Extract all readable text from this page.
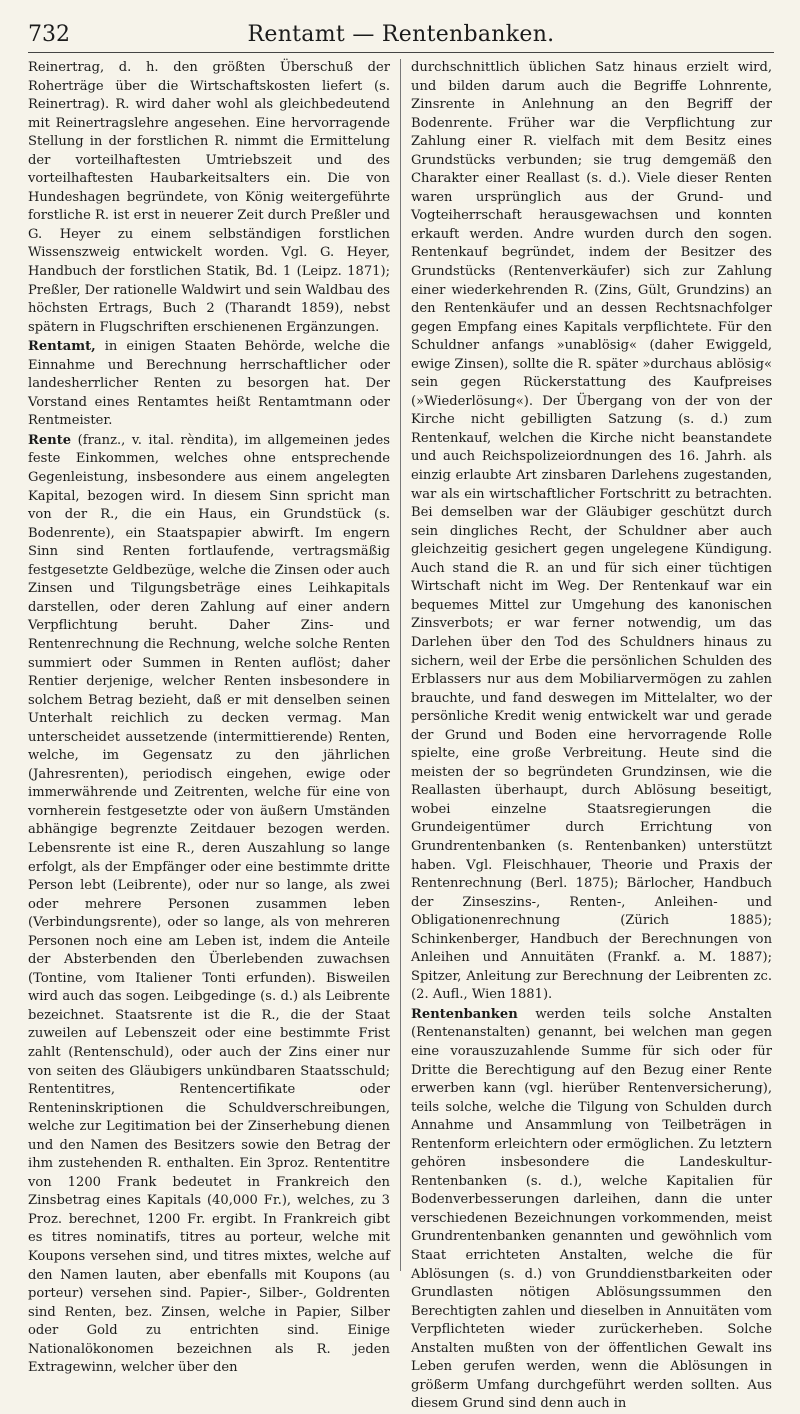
732	Rentamt — Rentenbanken.

Reinertrag, d. h. den größten Überschuß der Roherträge über die Wirtschaftskosten liefert (s. Reinertrag). R. wird daher wohl als gleichbedeutend mit Reinertragslehre angesehen. Eine hervorragende Stellung in der forstlichen R. nimmt die Ermittelung der vorteilhaftesten Umtriebszeit und des vorteilhaftesten Haubarkeitsalters ein. Die von Hundeshagen begründete, von König weitergeführte forstliche R. ist erst in neuerer Zeit durch Preßler und G. Heyer zu einem selbständigen forstlichen Wissenszweig entwickelt worden. Vgl. G. Heyer, Handbuch der forstlichen Statik, Bd. 1 (Leipz. 1871); Preßler, Der rationelle Waldwirt und sein Waldbau des höchsten Ertrags, Buch 2 (Tharandt 1859), nebst spätern in Flugschriften erschienenen Ergänzungen.

Rentamt, in einigen Staaten Behörde, welche die Einnahme und Berechnung herrschaftlicher oder landesherrlicher Renten zu besorgen hat. Der Vorstand eines Rentamtes heißt Rentamtmann oder Rentmeister.

Rente (franz., v. ital. rèndita), im allgemeinen jedes feste Einkommen, welches ohne entsprechende Gegenleistung, insbesondere aus einem angelegten Kapital, bezogen wird. In diesem Sinn spricht man von der R., die ein Haus, ein Grundstück (s. Bodenrente), ein Staatspapier abwirft. Im engern Sinn sind Renten fortlaufende, vertragsmäßig festgesetzte Geldbezüge, welche die Zinsen oder auch Zinsen und Tilgungsbeträge eines Leihkapitals darstellen, oder deren Zahlung auf einer andern Verpflichtung beruht. Daher Zins- und Rentenrechnung die Rechnung, welche solche Renten summiert oder Summen in Renten auflöst; daher Rentier derjenige, welcher Renten insbesondere in solchem Betrag bezieht, daß er mit denselben seinen Unterhalt reichlich zu decken vermag. Man unterscheidet aussetzende (intermittierende) Renten, welche, im Gegensatz zu den jährlichen (Jahresrenten), periodisch eingehen, ewige oder immerwährende und Zeitrenten, welche für eine von vornherein festgesetzte oder von äußern Umständen abhängige begrenzte Zeitdauer bezogen werden. Lebensrente ist eine R., deren Auszahlung so lange erfolgt, als der Empfänger oder eine bestimmte dritte Person lebt (Leibrente), oder nur so lange, als zwei oder mehrere Personen zusammen leben (Verbindungsrente), oder so lange, als von mehreren Personen noch eine am Leben ist, indem die Anteile der Absterbenden den Überlebenden zuwachsen (Tontine, vom Italiener Tonti erfunden). Bisweilen wird auch das sogen. Leibgedinge (s. d.) als Leibrente bezeichnet. Staatsrente ist die R., die der Staat zuweilen auf Lebenszeit oder eine bestimmte Frist zahlt (Rentenschuld), oder auch der Zins einer nur von seiten des Gläubigers unkündbaren Staatsschuld; Rententitres, Rentencertifikate oder Renteninskriptionen die Schuldverschreibungen, welche zur Legitimation bei der Zinserhebung dienen und den Namen des Besitzers sowie den Betrag der ihm zustehenden R. enthalten. Ein 3proz. Rententitre von 1200 Frank bedeutet in Frankreich den Zinsbetrag eines Kapitals (40,000 Fr.), welches, zu 3 Proz. berechnet, 1200 Fr. ergibt. In Frankreich gibt es titres nominatifs, titres au porteur, welche mit Koupons versehen sind, und titres mixtes, welche auf den Namen lauten, aber ebenfalls mit Koupons (au porteur) versehen sind. Papier-, Silber-, Goldrenten sind Renten, bez. Zinsen, welche in Papier, Silber oder Gold zu entrichten sind. Einige Nationalökonomen bezeichnen als R. jeden Extragewinn, welcher über den

durchschnittlich üblichen Satz hinaus erzielt wird, und bilden darum auch die Begriffe Lohnrente, Zinsrente in Anlehnung an den Begriff der Bodenrente. Früher war die Verpflichtung zur Zahlung einer R. vielfach mit dem Besitz eines Grundstücks verbunden; sie trug demgemäß den Charakter einer Reallast (s. d.). Viele dieser Renten waren ursprünglich aus der Grund- und Vogteiherrschaft herausgewachsen und konnten erkauft werden. Andre wurden durch den sogen. Rentenkauf begründet, indem der Besitzer des Grundstücks (Rentenverkäufer) sich zur Zahlung einer wiederkehrenden R. (Zins, Gült, Grundzins) an den Rentenkäufer und an dessen Rechtsnachfolger gegen Empfang eines Kapitals verpflichtete. Für den Schuldner anfangs »unablösig« (daher Ewiggeld, ewige Zinsen), sollte die R. später »durchaus ablösig« sein gegen Rückerstattung des Kaufpreises (»Wiederlösung«). Der Übergang von der von der Kirche nicht gebilligten Satzung (s. d.) zum Rentenkauf, welchen die Kirche nicht beanstandete und auch Reichspolizeiordnungen des 16. Jahrh. als einzig erlaubte Art zinsbaren Darlehens zugestanden, war als ein wirtschaftlicher Fortschritt zu betrachten. Bei demselben war der Gläubiger geschützt durch sein dingliches Recht, der Schuldner aber auch gleichzeitig gesichert gegen ungelegene Kündigung. Auch stand die R. an und für sich einer tüchtigen Wirtschaft nicht im Weg. Der Rentenkauf war ein bequemes Mittel zur Umgehung des kanonischen Zinsverbots; er war ferner notwendig, um das Darlehen über den Tod des Schuldners hinaus zu sichern, weil der Erbe die persönlichen Schulden des Erblassers nur aus dem Mobiliarvermögen zu zahlen brauchte, und fand deswegen im Mittelalter, wo der persönliche Kredit wenig entwickelt war und gerade der Grund und Boden eine hervorragende Rolle spielte, eine große Verbreitung. Heute sind die meisten der so begründeten Grundzinsen, wie die Reallasten überhaupt, durch Ablösung beseitigt, wobei einzelne Staatsregierungen die Grundeigentümer durch Errichtung von Grundrentenbanken (s. Rentenbanken) unterstützt haben. Vgl. Fleischhauer, Theorie und Praxis der Rentenrechnung (Berl. 1875); Bärlocher, Handbuch der Zinseszins-, Renten-, Anleihen- und Obligationenrechnung (Zürich 1885); Schinkenberger, Handbuch der Berechnungen von Anleihen und Annuitäten (Frankf. a. M. 1887); Spitzer, Anleitung zur Berechnung der Leibrenten zc. (2. Aufl., Wien 1881).

Rentenbanken werden teils solche Anstalten (Rentenanstalten) genannt, bei welchen man gegen eine vorauszuzahlende Summe für sich oder für Dritte die Berechtigung auf den Bezug einer Rente erwerben kann (vgl. hierüber Rentenversicherung), teils solche, welche die Tilgung von Schulden durch Annahme und Ansammlung von Teilbeträgen in Rentenform erleichtern oder ermöglichen. Zu letztern gehören insbesondere die Landeskultur-Rentenbanken (s. d.), welche Kapitalien für Bodenverbesserungen darleihen, dann die unter verschiedenen Bezeichnungen vorkommenden, meist Grundrentenbanken genannten und gewöhnlich vom Staat errichteten Anstalten, welche die für Ablösungen (s. d.) von Grunddienstbarkeiten oder Grundlasten nötigen Ablösungssummen den Berechtigten zahlen und dieselben in Annuitäten vom Verpflichteten wieder zurückerheben. Solche Anstalten mußten von der öffentlichen Gewalt ins Leben gerufen werden, wenn die Ablösungen in größerm Umfang durchgeführt werden sollten. Aus diesem Grund sind denn auch in
